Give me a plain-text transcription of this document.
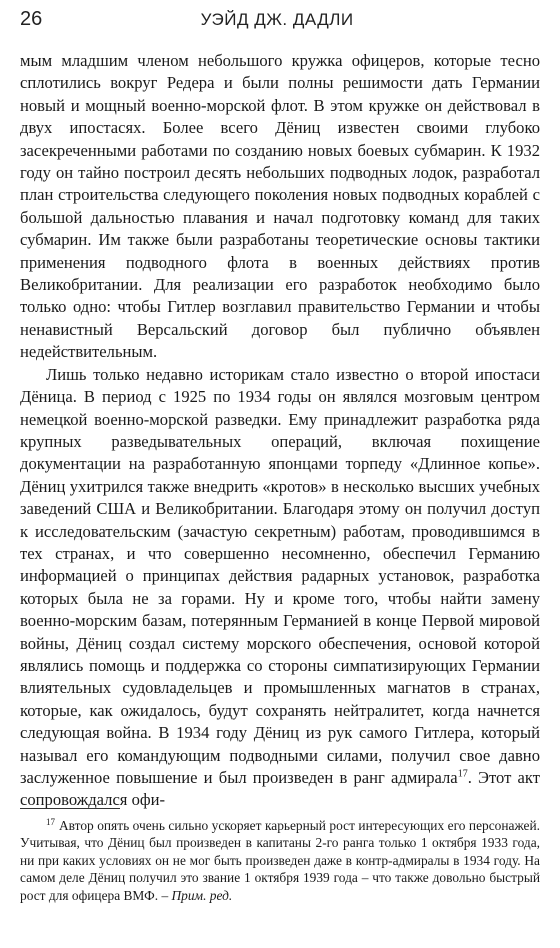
26	УЭЙД ДЖ. ДАДЛИ

мым младшим членом небольшого кружка офицеров, которые тесно сплотились вокруг Редера и были полны решимости дать Германии новый и мощный военно-морской флот. В этом кружке он действовал в двух ипостасях. Более всего Дёниц известен своими глубоко засекреченными работами по созданию новых боевых субмарин. К 1932 году он тайно построил десять небольших подводных лодок, разработал план строительства следующего поколения новых подводных кораблей с большой дальностью плавания и начал подготовку команд для таких субмарин. Им также были разработаны теоретические основы тактики применения подводного флота в военных действиях против Великобритании. Для реализации его разработок необходимо было только одно: чтобы Гитлер возглавил правительство Германии и чтобы ненавистный Версальский договор был публично объявлен недействительным.

Лишь только недавно историкам стало известно о второй ипостаси Дёница. В период с 1925 по 1934 годы он являлся мозговым центром немецкой военно-морской разведки. Ему принадлежит разработка ряда крупных разведывательных операций, включая похищение документации на разработанную японцами торпеду «Длинное копье». Дёниц ухитрился также внедрить «кротов» в несколько высших учебных заведений США и Великобритании. Благодаря этому он получил доступ к исследовательским (зачастую секретным) работам, проводившимся в тех странах, и что совершенно несомненно, обеспечил Германию информацией о принципах действия радарных установок, разработка которых была не за горами. Ну и кроме того, чтобы найти замену военно-морским базам, потерянным Германией в конце Первой мировой войны, Дёниц создал систему морского обеспечения, основой которой являлись помощь и поддержка со стороны симпатизирующих Германии влиятельных судовладельцев и промышленных магнатов в странах, которые, как ожидалось, будут сохранять нейтралитет, когда начнется следующая война. В 1934 году Дёниц из рук самого Гитлера, который называл его командующим подводными силами, получил свое давно заслуженное повышение и был произведен в ранг адмирала$^{17}$. Этот акт сопровождался офи-

$^{17}$ Автор опять очень сильно ускоряет карьерный рост интересующих его персонажей. Учитывая, что Дёниц был произведен в капитаны 2-го ранга только 1 октября 1933 года, ни при каких условиях он не мог быть произведен даже в контр-адмиралы в 1934 году. На самом деле Дёниц получил это звание 1 октября 1939 года – что также довольно быстрый рост для офицера ВМФ. – Прим. ред.
